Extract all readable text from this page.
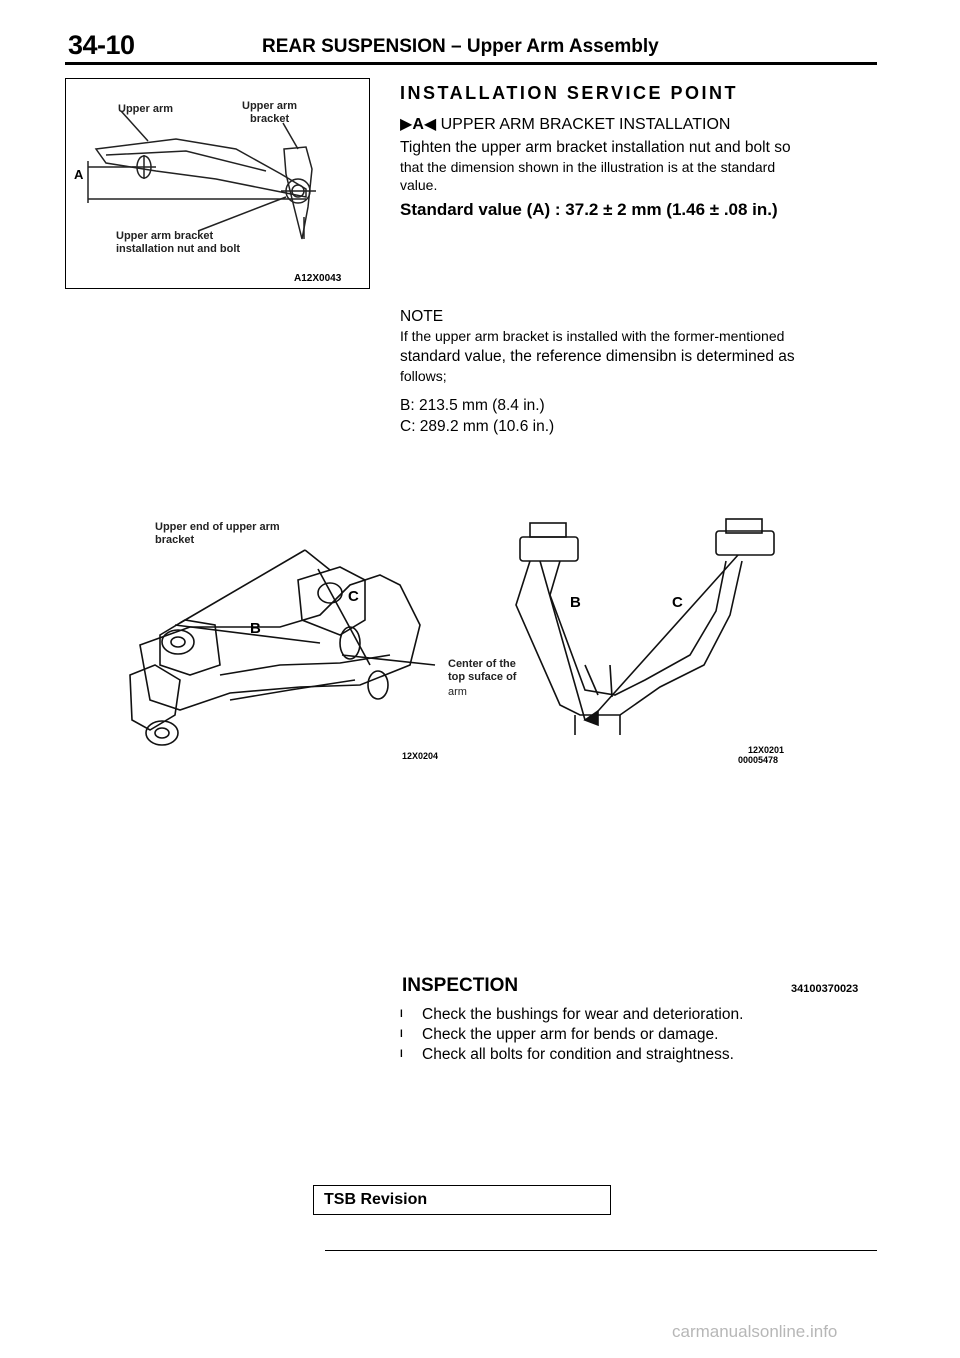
34-10	REAR SUSPENSION – Upper Arm Assembly
Upper arm	Upper arm
bracket
A
Upper arm bracket
installation nut and bolt
A12X0043
INSTALLATION SERVICE POINT
▶A◀ UPPER ARM BRACKET INSTALLATION
Tighten the upper arm bracket installation nut and bolt so
that the dimension shown in the illustration is at the standard
value.
Standard value (A) : 37.2 ± 2 mm (1.46 ± .08 in.)
NOTE
If the upper arm bracket is installed with the former-mentioned
standard value, the reference dimensibn is determined as
follows;
B: 213.5 mm (8.4 in.)
C: 289.2 mm (10.6 in.)
Upper end of upper arm
bracket
B
C	B	C
Center of the
top suface of
arm
12X0204
12X0201
00005478
INSPECTION	34100370023
l Check the bushings for wear and deterioration.
l Check the upper arm for bends or damage.
l Check all bolts for condition and straightness.
TSB Revision
carmanualsonline.info
